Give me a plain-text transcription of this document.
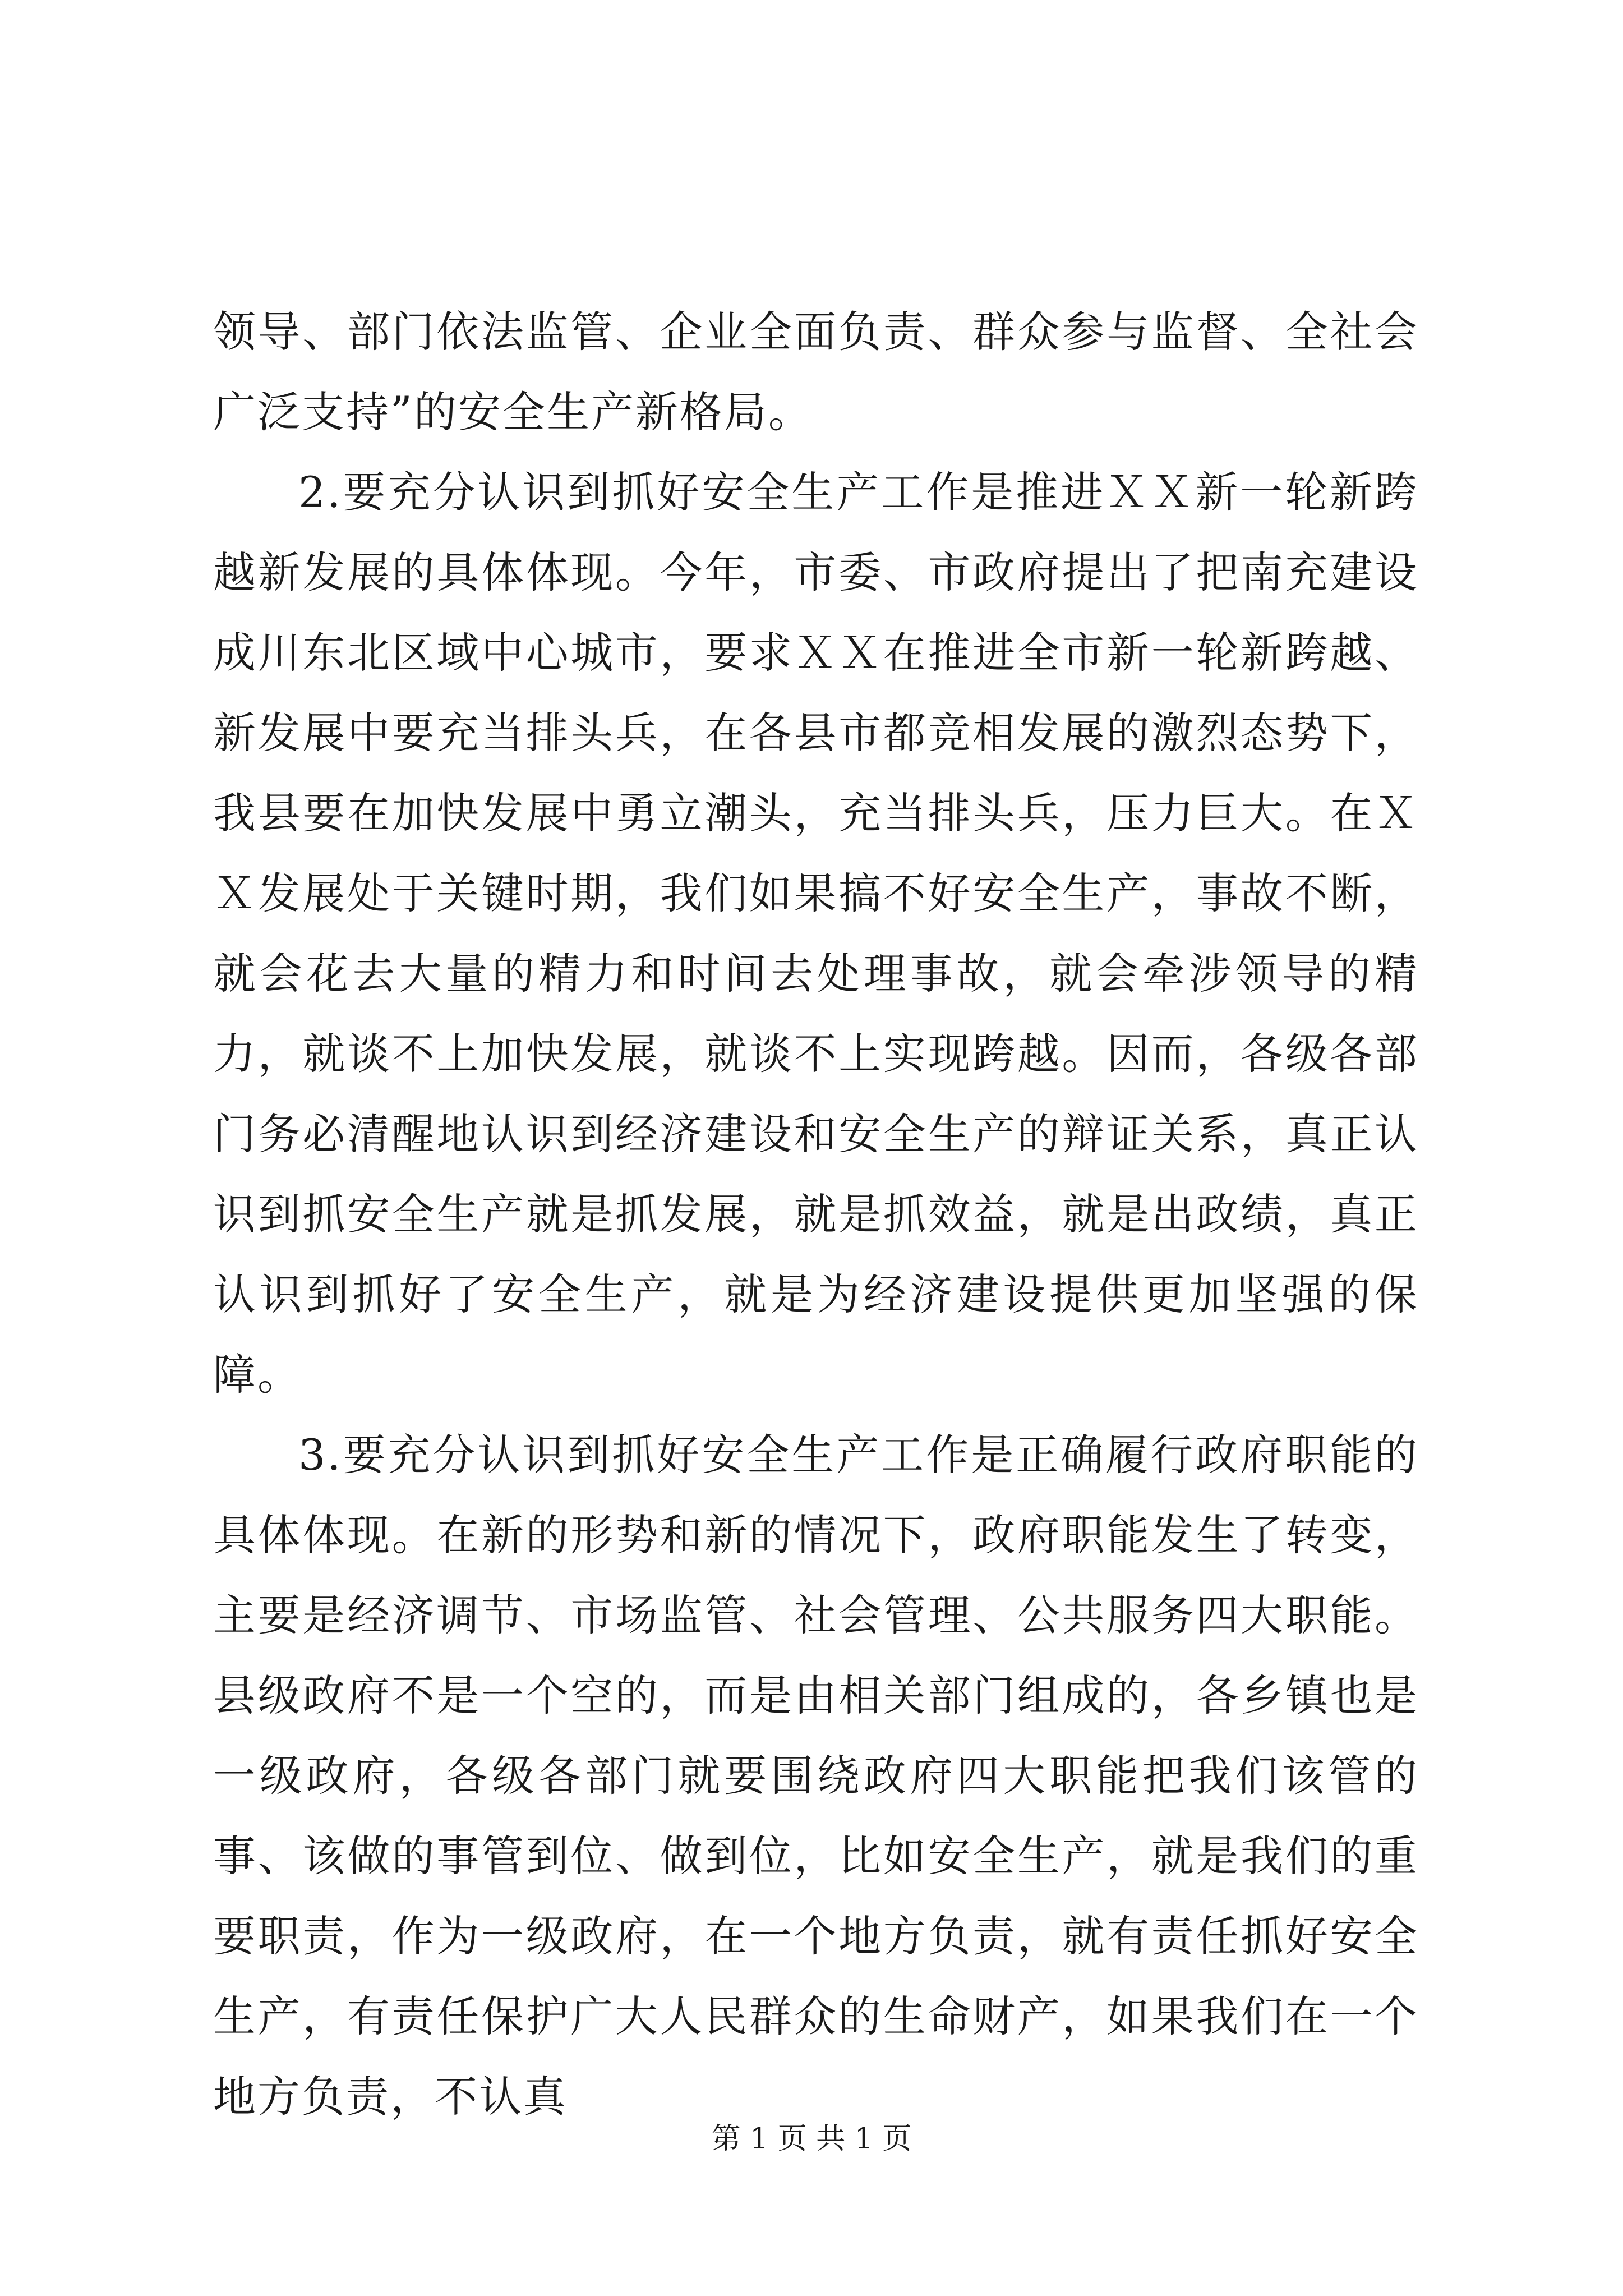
领导、部门依法监管、企业全面负责、群众参与监督、全社会广泛支持”的安全生产新格局。

2.要充分认识到抓好安全生产工作是推进ＸＸ新一轮新跨越新发展的具体体现。今年，市委、市政府提出了把南充建设成川东北区域中心城市，要求ＸＸ在推进全市新一轮新跨越、新发展中要充当排头兵，在各县市都竞相发展的激烈态势下，我县要在加快发展中勇立潮头，充当排头兵，压力巨大。在ＸＸ发展处于关键时期，我们如果搞不好安全生产，事故不断，就会花去大量的精力和时间去处理事故，就会牵涉领导的精力，就谈不上加快发展，就谈不上实现跨越。因而，各级各部门务必清醒地认识到经济建设和安全生产的辩证关系，真正认识到抓安全生产就是抓发展，就是抓效益，就是出政绩，真正认识到抓好了安全生产，就是为经济建设提供更加坚强的保障。

3.要充分认识到抓好安全生产工作是正确履行政府职能的具体体现。在新的形势和新的情况下，政府职能发生了转变，主要是经济调节、市场监管、社会管理、公共服务四大职能。县级政府不是一个空的，而是由相关部门组成的，各乡镇也是一级政府，各级各部门就要围绕政府四大职能把我们该管的事、该做的事管到位、做到位，比如安全生产，就是我们的重要职责，作为一级政府，在一个地方负责，就有责任抓好安全生产，有责任保护广大人民群众的生命财产，如果我们在一个地方负责，不认真

第 1 页 共 1 页
